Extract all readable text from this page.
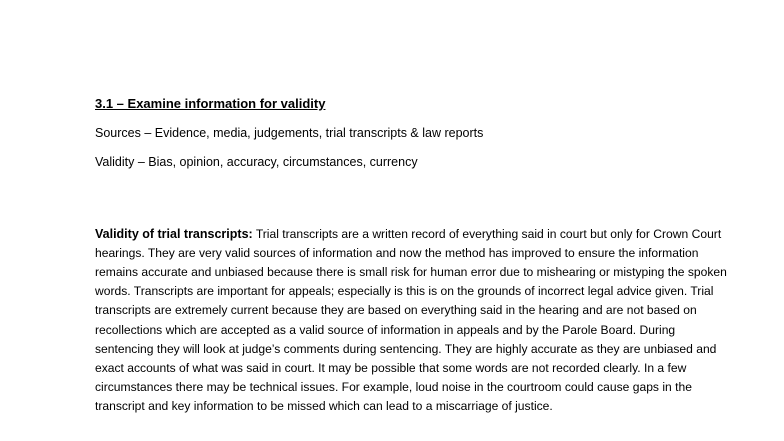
3.1 – Examine information for validity
Sources – Evidence, media, judgements, trial transcripts & law reports
Validity – Bias, opinion, accuracy, circumstances, currency

Validity of trial transcripts: Trial transcripts are a written record of everything said in court but only for Crown Court hearings. They are very valid sources of information and now the method has improved to ensure the information remains accurate and unbiased because there is small risk for human error due to mishearing or mistyping the spoken words. Transcripts are important for appeals; especially is this is on the grounds of incorrect legal advice given. Trial transcripts are extremely current because they are based on everything said in the hearing and are not based on recollections which are accepted as a valid source of information in appeals and by the Parole Board. During sentencing they will look at judge’s comments during sentencing. They are highly accurate as they are unbiased and exact accounts of what was said in court. It may be possible that some words are not recorded clearly. In a few circumstances there may be technical issues. For example, loud noise in the courtroom could cause gaps in the transcript and key information to be missed which can lead to a miscarriage of justice.
